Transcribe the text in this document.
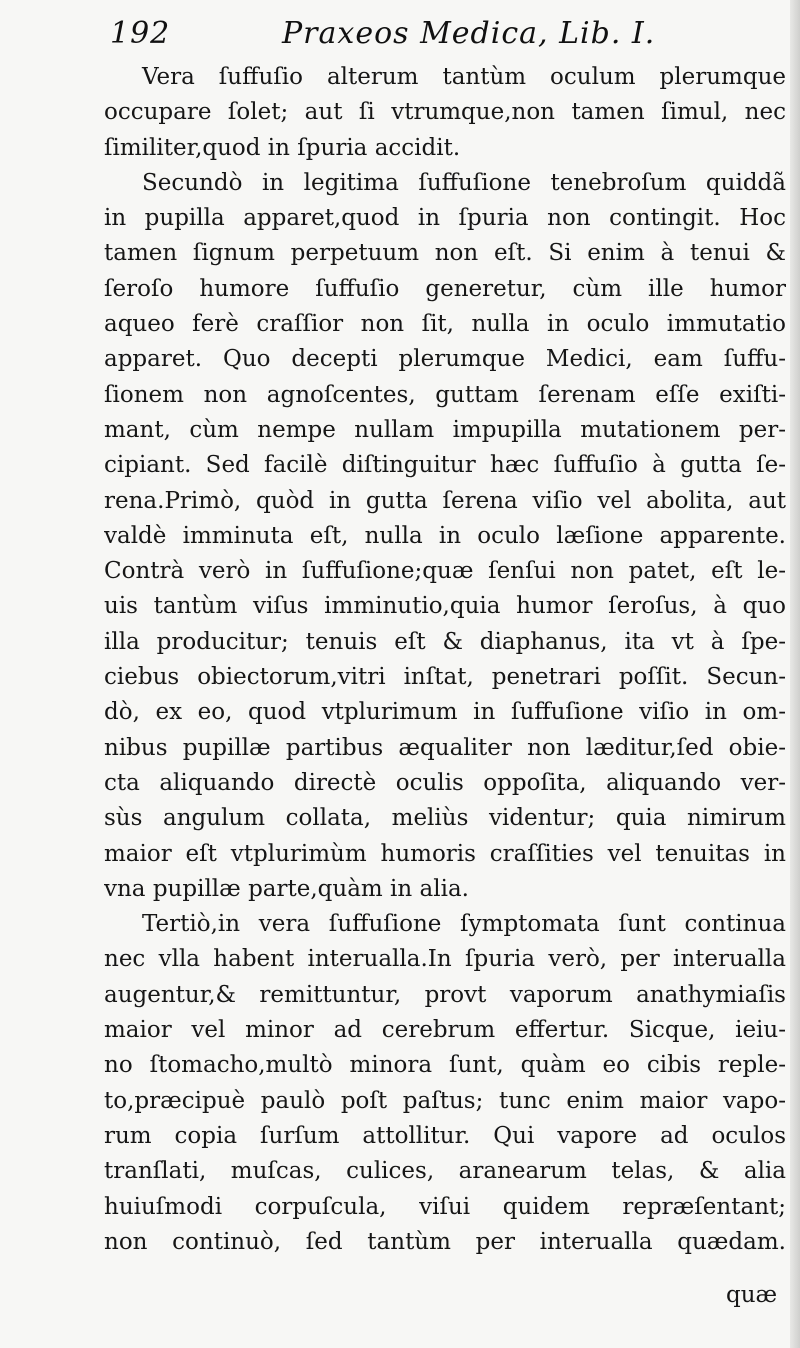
192	Praxeos Medica, Lib. I.
Vera ſuffuſio alterum tantùm oculum plerumque
occupare ſolet; aut ſi vtrumque,non tamen ſimul, nec
ſimiliter,quod in ſpuria accidit.
Secundò in legitima ſuffuſione tenebroſum quiddã
in pupilla apparet,quod in ſpuria non contingit. Hoc
tamen ſignum perpetuum non eſt. Si enim à tenui &
ſeroſo humore ſuffuſio generetur, cùm ille humor
aqueo ferè craſſior non ſit, nulla in oculo immutatio
apparet. Quo decepti plerumque Medici, eam ſuffu-
ſionem non agnoſcentes, guttam ſerenam eſſe exiſti-
mant, cùm nempe nullam impupilla mutationem per-
cipiant. Sed facilè diſtinguitur hæc ſuffuſio à gutta ſe-
rena.Primò, quòd in gutta ſerena viſio vel abolita, aut
valdè imminuta eſt, nulla in oculo læſione apparente.
Contrà verò in ſuffuſione;quæ ſenſui non patet, eſt le-
uis tantùm viſus imminutio,quia humor ſeroſus, à quo
illa producitur; tenuis eſt & diaphanus, ita vt à ſpe-
ciebus obiectorum,vitri inſtat, penetrari poſſit. Secun-
dò, ex eo, quod vtplurimum in ſuffuſione viſio in om-
nibus pupillæ partibus æqualiter non læditur,ſed obie-
cta aliquando directè oculis oppoſita, aliquando ver-
sùs angulum collata, meliùs videntur; quia nimirum
maior eſt vtplurimùm humoris craſſities vel tenuitas in
vna pupillæ parte,quàm in alia.
Tertiò,in vera ſuffuſione ſymptomata ſunt continua
nec vlla habent interualla.In ſpuria verò, per interualla
augentur,& remittuntur, provt vaporum anathymiaſis
maior vel minor ad cerebrum effertur. Sicque, ieiu-
no ſtomacho,multò minora ſunt, quàm eo cibis reple-
to,præcipuè paulò poſt paſtus; tunc enim maior vapo-
rum copia ſurſum attollitur. Qui vapore ad oculos
tranſlati, muſcas, culices, aranearum telas, & alia
huiuſmodi corpuſcula, viſui quidem repræſentant;
non continuò, ſed tantùm per interualla quædam.
quæ
